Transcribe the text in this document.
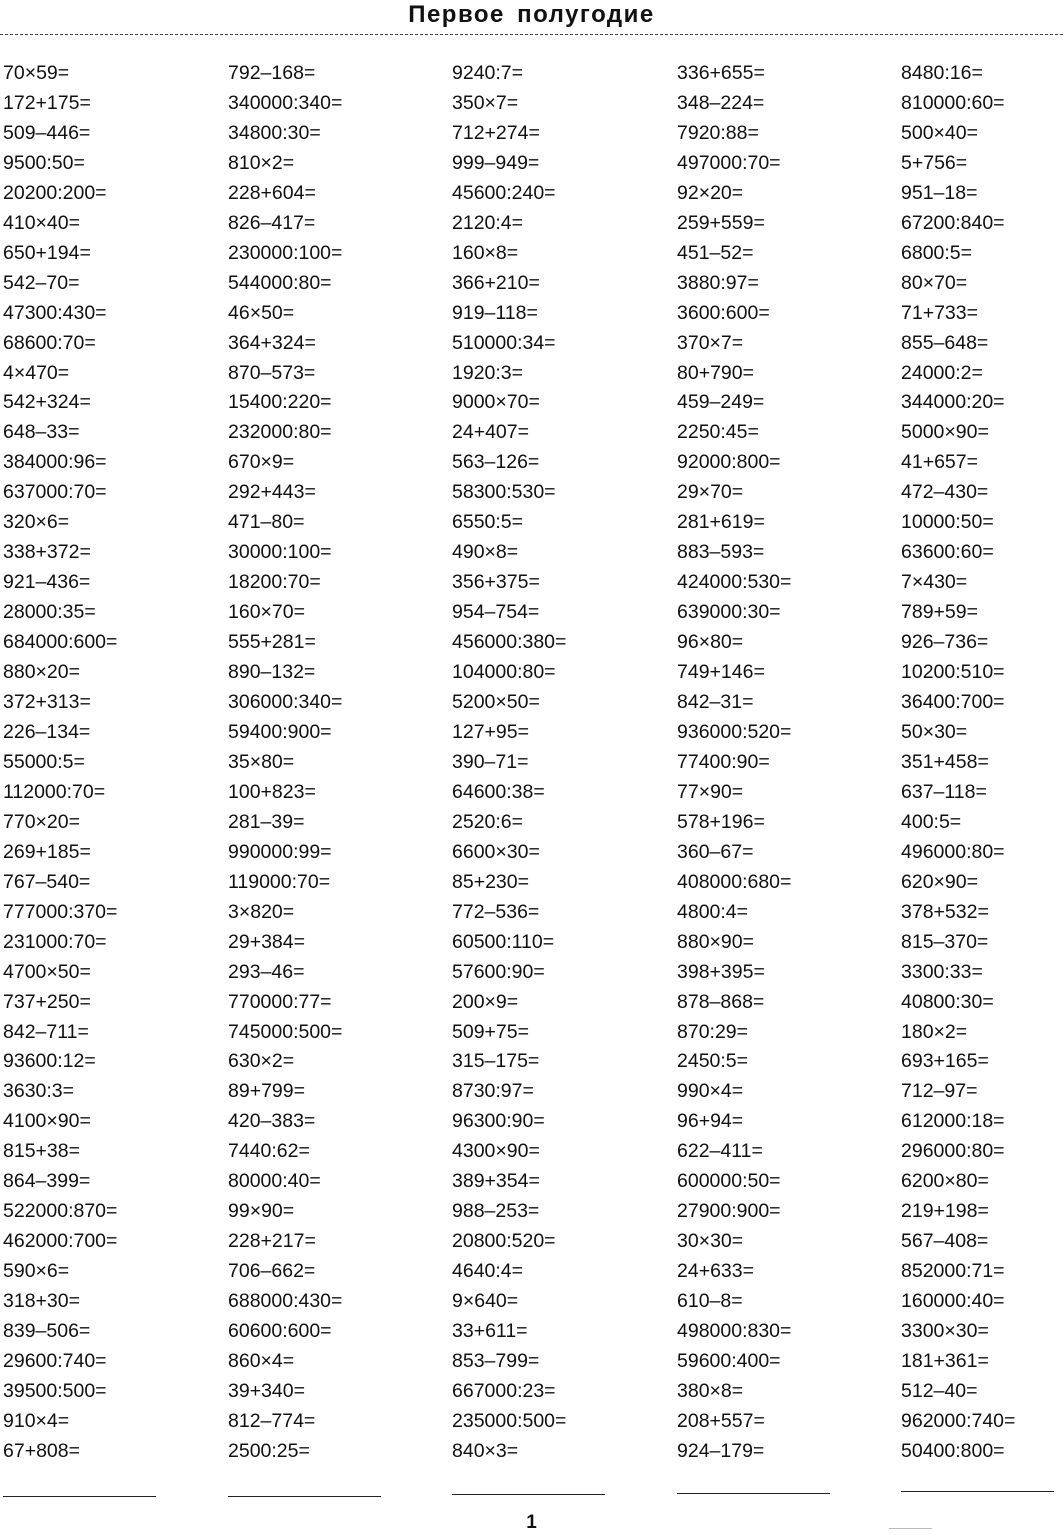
Первое полугодие
70×59=
172+175=
509–446=
9500:50=
20200:200=
410×40=
650+194=
542–70=
47300:430=
68600:70=
4×470=
542+324=
648–33=
384000:96=
637000:70=
320×6=
338+372=
921–436=
28000:35=
684000:600=
880×20=
372+313=
226–134=
55000:5=
112000:70=
770×20=
269+185=
767–540=
777000:370=
231000:70=
4700×50=
737+250=
842–711=
93600:12=
3630:3=
4100×90=
815+38=
864–399=
522000:870=
462000:700=
590×6=
318+30=
839–506=
29600:740=
39500:500=
910×4=
67+808=
792–168=
340000:340=
34800:30=
810×2=
228+604=
826–417=
230000:100=
544000:80=
46×50=
364+324=
870–573=
15400:220=
232000:80=
670×9=
292+443=
471–80=
30000:100=
18200:70=
160×70=
555+281=
890–132=
306000:340=
59400:900=
35×80=
100+823=
281–39=
990000:99=
119000:70=
3×820=
29+384=
293–46=
770000:77=
745000:500=
630×2=
89+799=
420–383=
7440:62=
80000:40=
99×90=
228+217=
706–662=
688000:430=
60600:600=
860×4=
39+340=
812–774=
2500:25=
9240:7=
350×7=
712+274=
999–949=
45600:240=
2120:4=
160×8=
366+210=
919–118=
510000:34=
1920:3=
9000×70=
24+407=
563–126=
58300:530=
6550:5=
490×8=
356+375=
954–754=
456000:380=
104000:80=
5200×50=
127+95=
390–71=
64600:38=
2520:6=
6600×30=
85+230=
772–536=
60500:110=
57600:90=
200×9=
509+75=
315–175=
8730:97=
96300:90=
4300×90=
389+354=
988–253=
20800:520=
4640:4=
9×640=
33+611=
853–799=
667000:23=
235000:500=
840×3=
336+655=
348–224=
7920:88=
497000:70=
92×20=
259+559=
451–52=
3880:97=
3600:600=
370×7=
80+790=
459–249=
2250:45=
92000:800=
29×70=
281+619=
883–593=
424000:530=
639000:30=
96×80=
749+146=
842–31=
936000:520=
77400:90=
77×90=
578+196=
360–67=
408000:680=
4800:4=
880×90=
398+395=
878–868=
870:29=
2450:5=
990×4=
96+94=
622–411=
600000:50=
27900:900=
30×30=
24+633=
610–8=
498000:830=
59600:400=
380×8=
208+557=
924–179=
8480:16=
810000:60=
500×40=
5+756=
951–18=
67200:840=
6800:5=
80×70=
71+733=
855–648=
24000:2=
344000:20=
5000×90=
41+657=
472–430=
10000:50=
63600:60=
7×430=
789+59=
926–736=
10200:510=
36400:700=
50×30=
351+458=
637–118=
400:5=
496000:80=
620×90=
378+532=
815–370=
3300:33=
40800:30=
180×2=
693+165=
712–97=
612000:18=
296000:80=
6200×80=
219+198=
567–408=
852000:71=
160000:40=
3300×30=
181+361=
512–40=
962000:740=
50400:800=
1
